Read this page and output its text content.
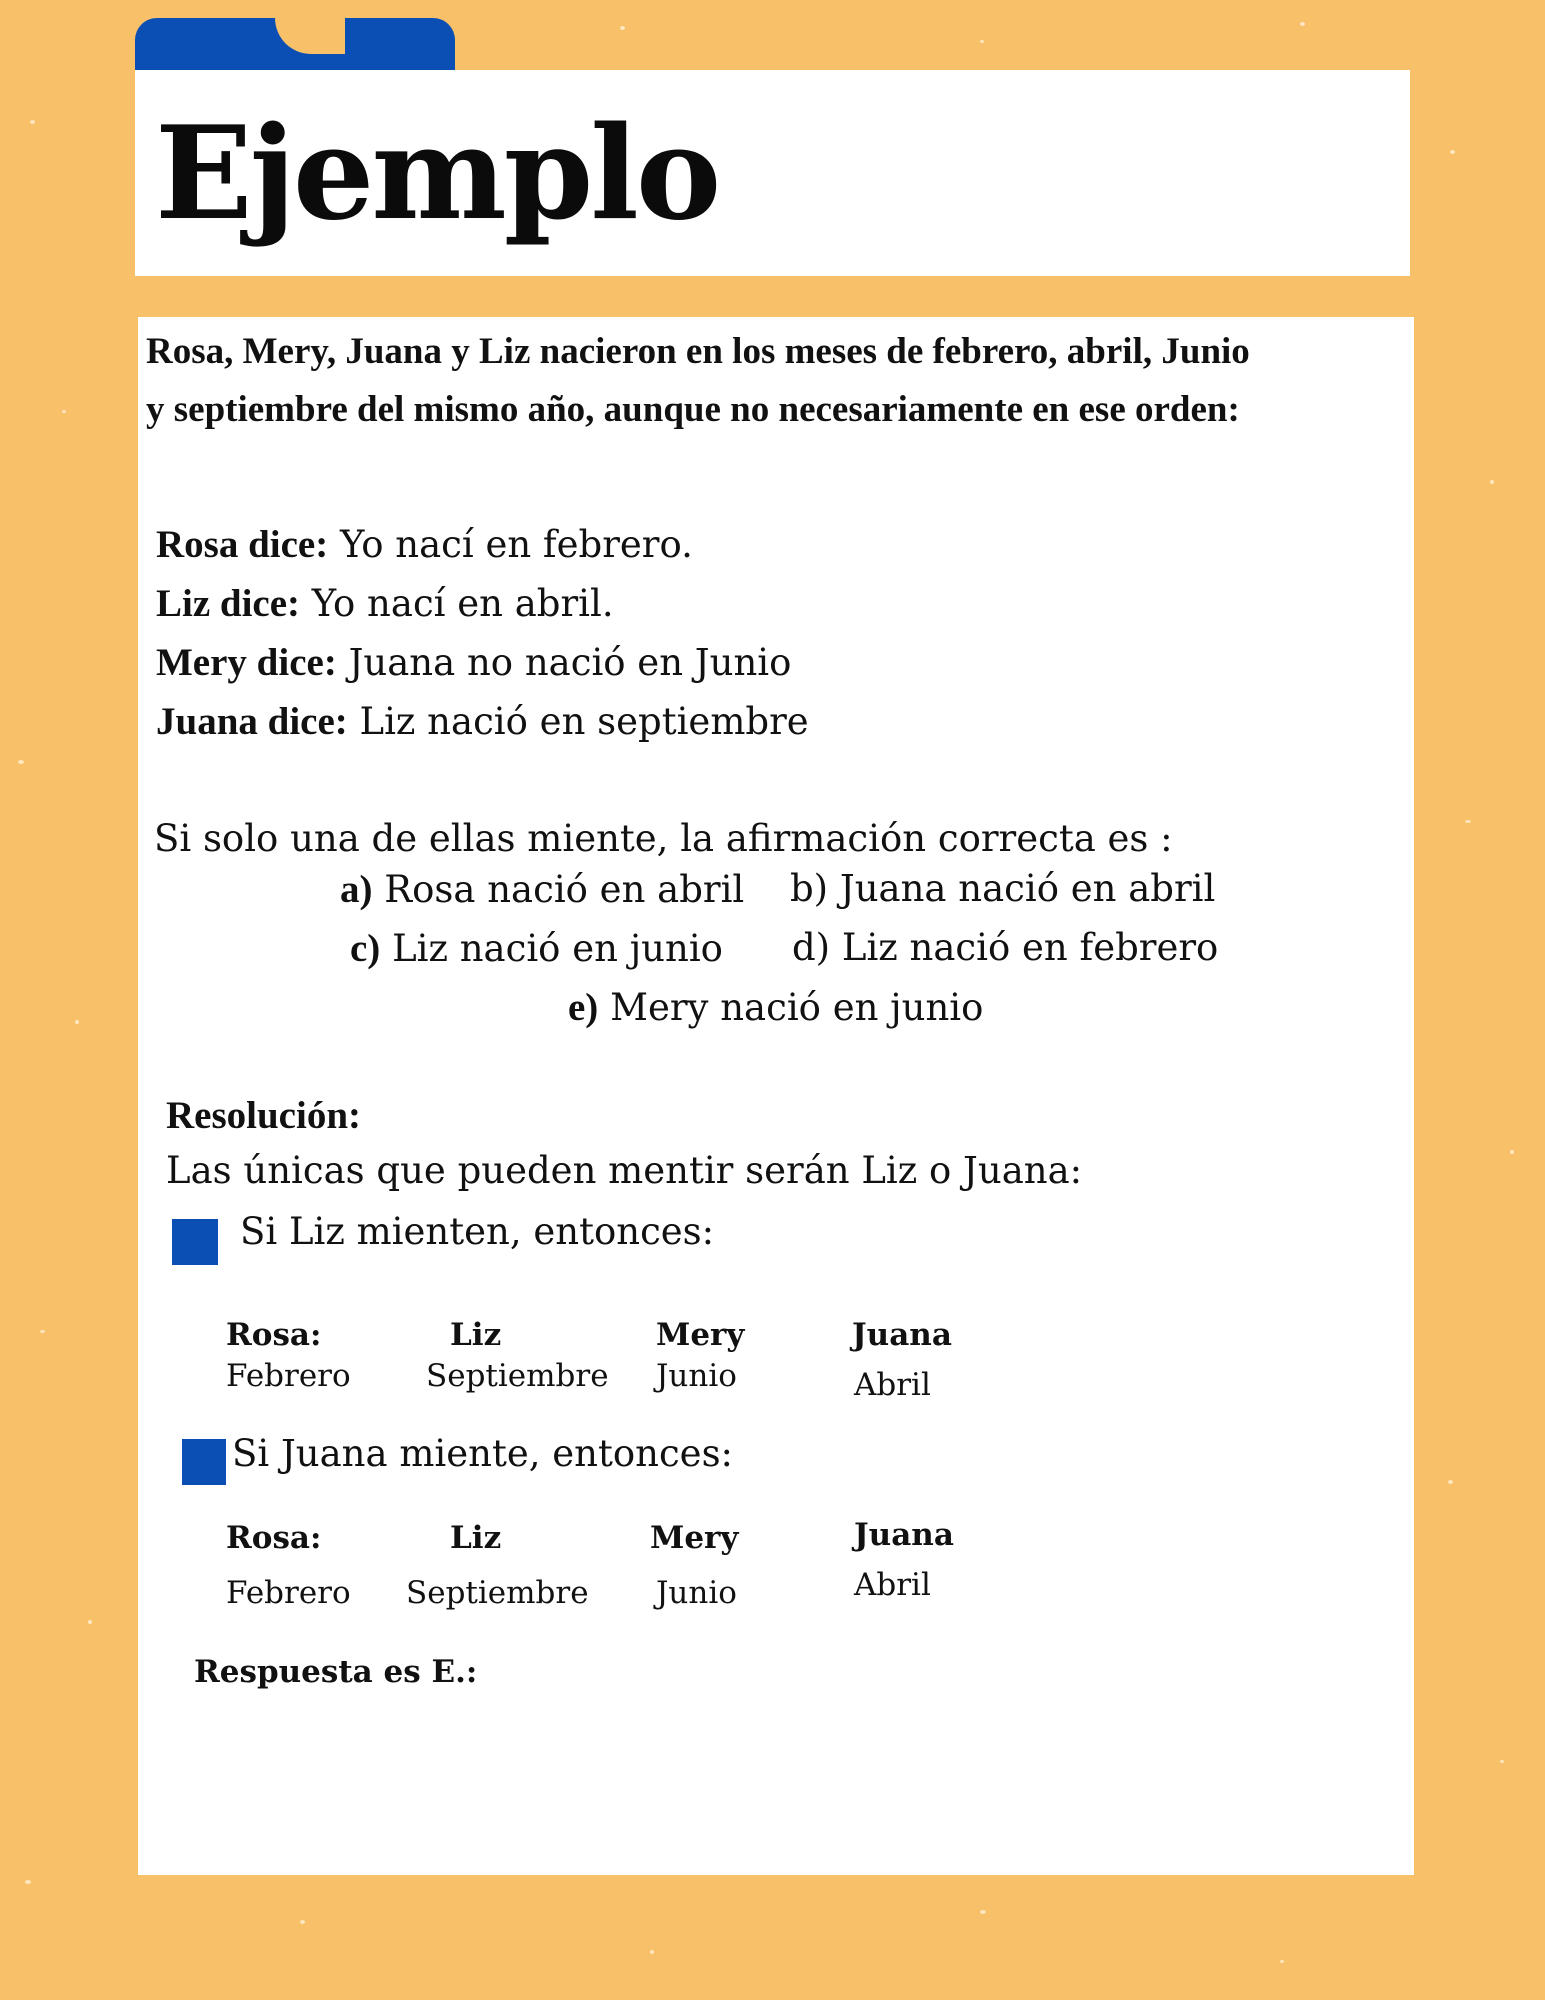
Ejemplo
Rosa, Mery, Juana y Liz nacieron en los meses de febrero, abril, Junio
y septiembre del mismo año, aunque no necesariamente en ese orden:
Rosa dice: Yo nací en febrero.
Liz dice: Yo nací en abril.
Mery dice: Juana no nació en Junio
Juana dice: Liz nació en septiembre
Si solo una de ellas miente, la afirmación correcta es :
a) Rosa nació en abril b) Juana nació en abril
c) Liz nació en junio d) Liz nació en febrero
e) Mery nació en junio
Resolución:
Las únicas que pueden mentir serán Liz o Juana:
Si Liz mienten, entonces:
Rosa:	Liz	Mery	Juana
Febrero Septiembre Junio	Abril
Si Juana miente, entonces:
Rosa:	Liz	Mery	Juana
Febrero Septiembre Junio	Abril
Respuesta es E.:
